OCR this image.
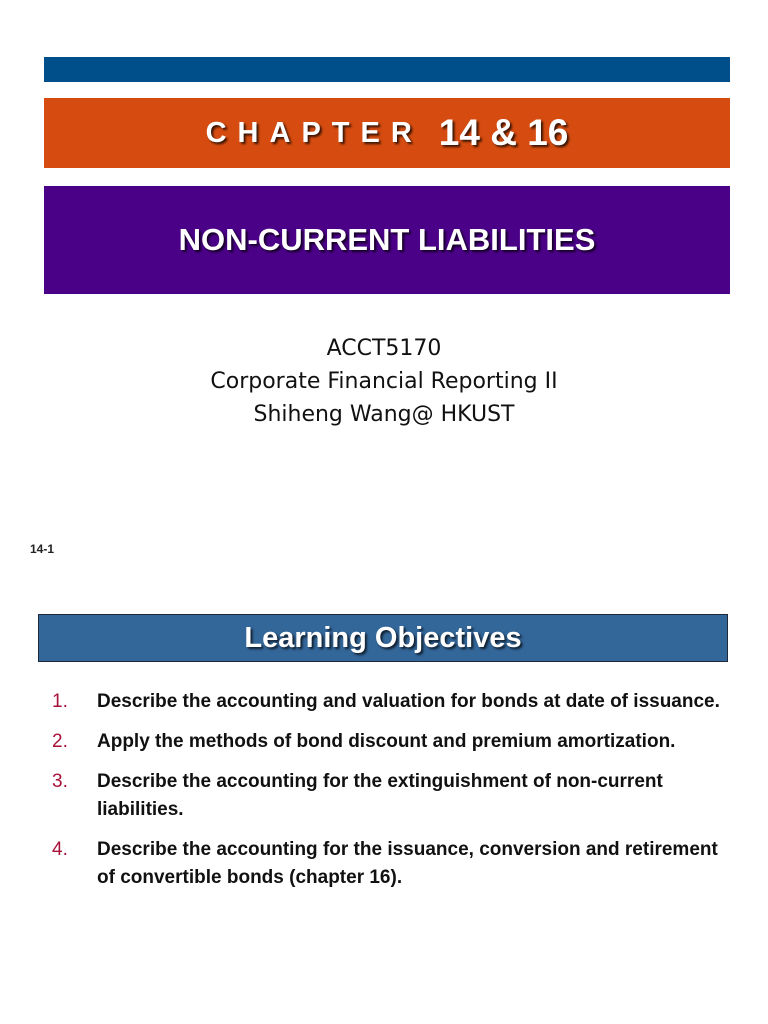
CHAPTER 14 & 16
NON-CURRENT LIABILITIES
ACCT5170
Corporate Financial Reporting II
Shiheng Wang@ HKUST
14-1
Learning Objectives
1.	Describe the accounting and valuation for bonds at date of issuance.
2.	Apply the methods of bond discount and premium amortization.
3.	Describe the accounting for the extinguishment of non-current liabilities.
4.	Describe the accounting for the issuance, conversion and retirement of convertible bonds (chapter 16).
